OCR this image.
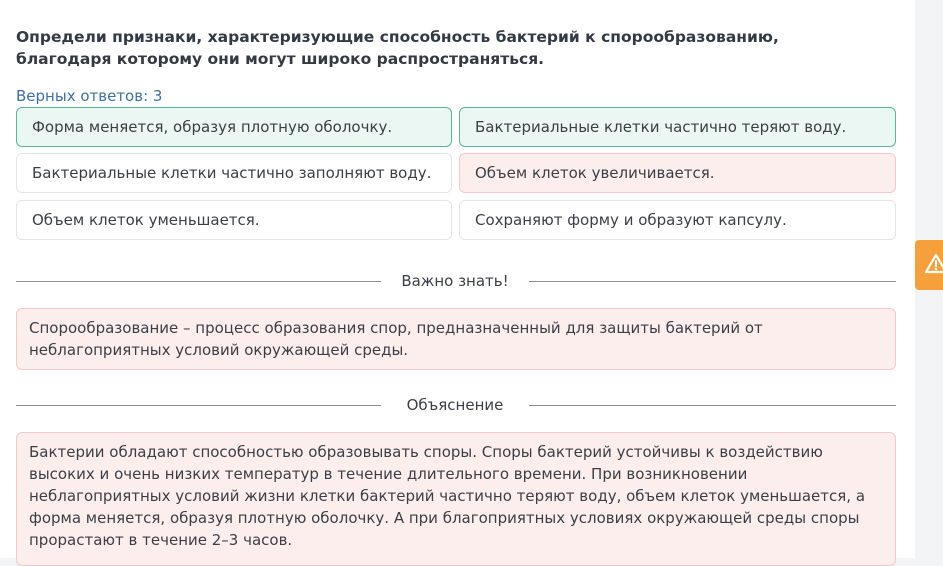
Определи признаки, характеризующие способность бактерий к спорообразованию, благодаря которому они могут широко распространяться.
Верных ответов: 3
Форма меняется, образуя плотную оболочку.	Бактериальные клетки частично теряют воду.
Бактериальные клетки частично заполняют воду.	Объем клеток увеличивается.
Объем клеток уменьшается.	Сохраняют форму и образуют капсулу.
Важно знать!
Спорообразование – процесс образования спор, предназначенный для защиты бактерий от неблагоприятных условий окружающей среды.
Объяснение
Бактерии обладают способностью образовывать споры. Споры бактерий устойчивы к воздействию высоких и очень низких температур в течение длительного времени. При возникновении неблагоприятных условий жизни клетки бактерий частично теряют воду, объем клеток уменьшается, а форма меняется, образуя плотную оболочку. А при благоприятных условиях окружающей среды споры прорастают в течение 2–3 часов.
